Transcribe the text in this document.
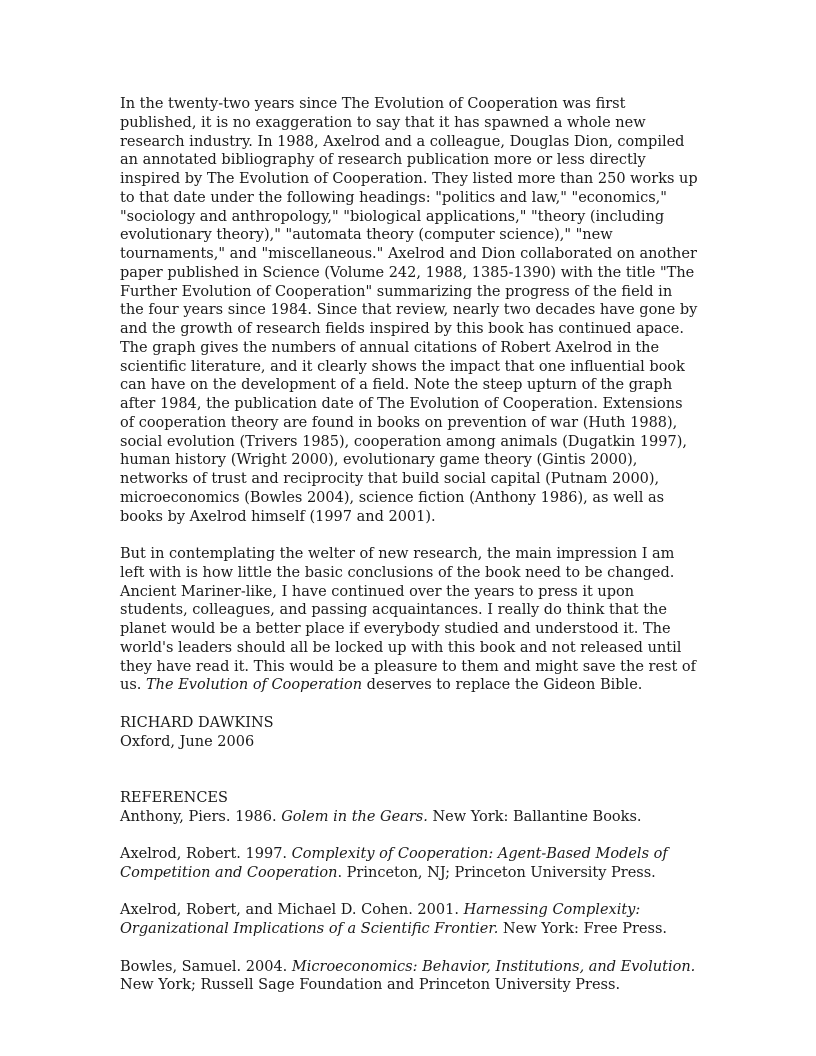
In the twenty-two years since The Evolution of Cooperation was first published, it is no exaggeration to say that it has spawned a whole new research industry. In 1988, Axelrod and a colleague, Douglas Dion, compiled an annotated bibliography of research publication more or less directly inspired by The Evolution of Cooperation. They listed more than 250 works up to that date under the following headings: "politics and law," "economics," "sociology and anthropology," "biological applications," "theory (including evolutionary theory)," "automata theory (computer science)," "new tournaments," and "miscellaneous." Axelrod and Dion collaborated on another paper published in Science (Volume 242, 1988, 1385-1390) with the title "The Further Evolution of Cooperation" summarizing the progress of the field in the four years since 1984. Since that review, nearly two decades have gone by and the growth of research fields inspired by this book has continued apace. The graph gives the numbers of annual citations of Robert Axelrod in the scientific literature, and it clearly shows the impact that one influential book can have on the development of a field. Note the steep upturn of the graph after 1984, the publication date of The Evolution of Cooperation. Extensions of cooperation theory are found in books on prevention of war (Huth 1988), social evolution (Trivers 1985), cooperation among animals (Dugatkin 1997), human history (Wright 2000), evolutionary game theory (Gintis 2000), networks of trust and reciprocity that build social capital (Putnam 2000), microeconomics (Bowles 2004), science fiction (Anthony 1986), as well as books by Axelrod himself (1997 and 2001).

But in contemplating the welter of new research, the main impression I am left with is how little the basic conclusions of the book need to be changed. Ancient Mariner-like, I have continued over the years to press it upon students, colleagues, and passing acquaintances. I really do think that the planet would be a better place if everybody studied and understood it. The world's leaders should all be locked up with this book and not released until they have read it. This would be a pleasure to them and might save the rest of us. The Evolution of Cooperation deserves to replace the Gideon Bible.

RICHARD DAWKINS

Oxford, June 2006

REFERENCES

Anthony, Piers. 1986. Golem in the Gears. New York: Ballantine Books.

Axelrod, Robert. 1997. Complexity of Cooperation: Agent-Based Models of Competition and Cooperation. Princeton, NJ; Princeton University Press.

Axelrod, Robert, and Michael D. Cohen. 2001. Harnessing Complexity: Organizational Implications of a Scientific Frontier. New York: Free Press.

Bowles, Samuel. 2004. Microeconomics: Behavior, Institutions, and Evolution. New York; Russell Sage Foundation and Princeton University Press.
